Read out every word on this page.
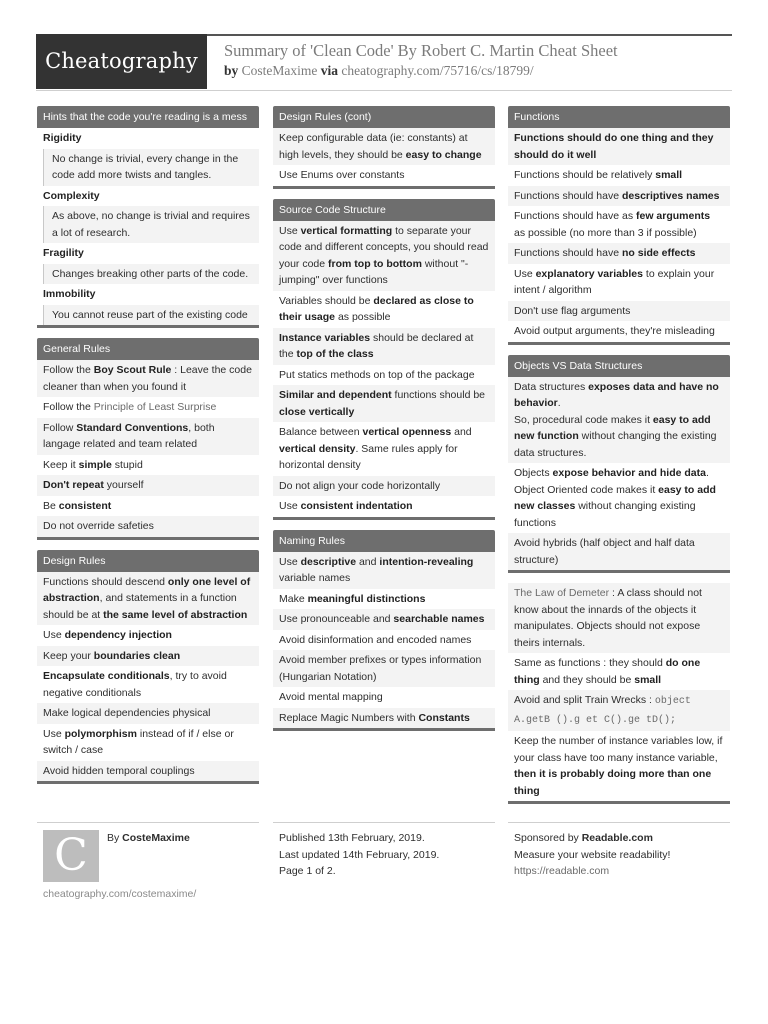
Cheatography	Summary of 'Clean Code' By Robert C. Martin Cheat Sheet
by CosteMaxime via cheatography.com/75716/cs/18799/
Hints that the code you're reading is a mess
Rigidity
No change is trivial, every change in the code add more twists and tangles.
Complexity
As above, no change is trivial and requires a lot of research.
Fragility
Changes breaking other parts of the code.
Immobility
You cannot reuse part of the existing code
General Rules
Follow the Boy Scout Rule : Leave the code cleaner than when you found it
Follow the Principle of Least Surprise
Follow Standard Conventions, both langage related and team related
Keep it simple stupid
Don't repeat yourself
Be consistent
Do not override safeties
Design Rules
Functions should descend only one level of abstraction, and statements in a function should be at the same level of abstraction
Use dependency injection
Keep your boundaries clean
Encapsulate conditionals, try to avoid negative conditionals
Make logical dependencies physical
Use polymorphism instead of if / else or switch / case
Avoid hidden temporal couplings
Design Rules (cont)
Keep configurable data (ie: constants) at high levels, they should be easy to change
Use Enums over constants
Source Code Structure
Use vertical formatting to separate your code and different concepts, you should read your code from top to bottom without "-jumping" over functions
Variables should be declared as close to their usage as possible
Instance variables should be declared at the top of the class
Put statics methods on top of the package
Similar and dependent functions should be close vertically
Balance between vertical openness and vertical density. Same rules apply for horizontal density
Do not align your code horizontally
Use consistent indentation
Naming Rules
Use descriptive and intention-revealing variable names
Make meaningful distinctions
Use pronounceable and searchable names
Avoid disinformation and encoded names
Avoid member prefixes or types information (Hungarian Notation)
Avoid mental mapping
Replace Magic Numbers with Constants
Functions
Functions should do one thing and they should do it well
Functions should be relatively small
Functions should have descriptives names
Functions should have as few arguments as possible (no more than 3 if possible)
Functions should have no side effects
Use explanatory variables to explain your intent / algorithm
Don't use flag arguments
Avoid output arguments, they're misleading
Objects VS Data Structures
Data structures exposes data and have no behavior.
So, procedural code makes it easy to add new function without changing the existing data structures.
Objects expose behavior and hide data.
Object Oriented code makes it easy to add new classes without changing existing functions
Avoid hybrids (half object and half data structure)
The Law of Demeter : A class should not know about the innards of the objects it manipulates. Objects should not expose theirs internals.
Same as functions : they should do one thing and they should be small
Avoid and split Train Wrecks : object A.getB ().g et C().ge tD();
Keep the number of instance variables low, if your class have too many instance variable, then it is probably doing more than one thing
C	By CosteMaxime
cheatography.com/costemaxime/
Published 13th February, 2019.
Last updated 14th February, 2019.
Page 1 of 2.
Sponsored by Readable.com
Measure your website readability!
https://readable.com
